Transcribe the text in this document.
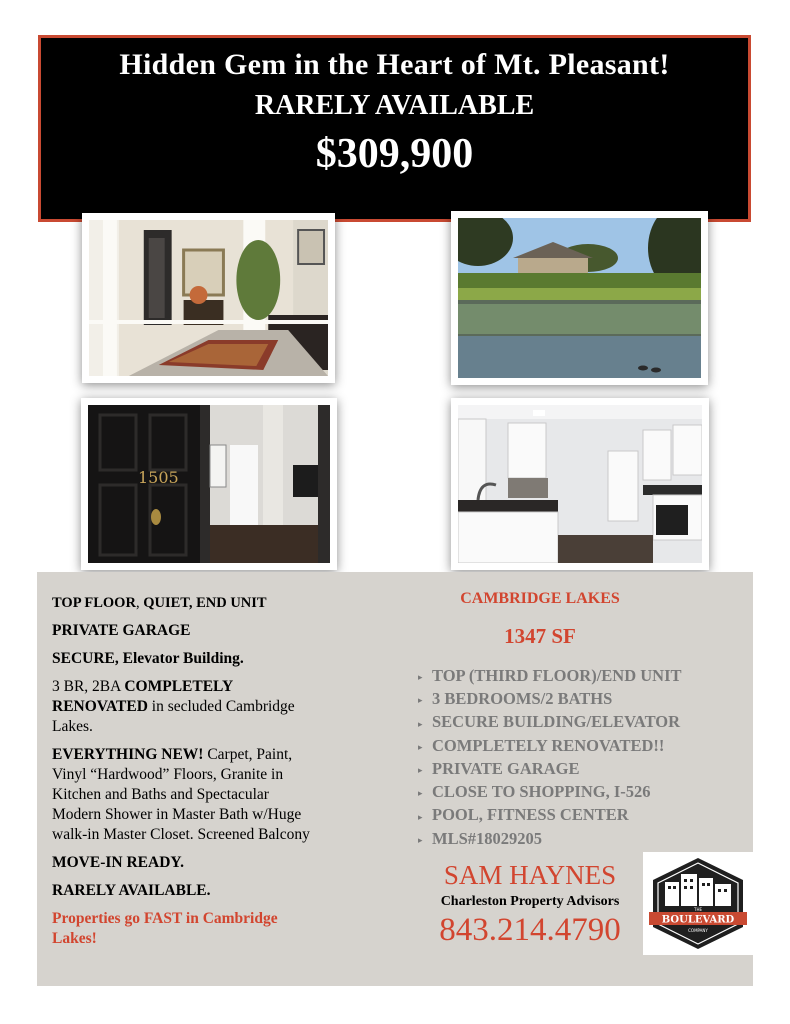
Hidden Gem in the Heart of Mt. Pleasant!
RARELY AVAILABLE
$309,900
1505

TOP FLOOR, QUIET, END UNIT

PRIVATE GARAGE

SECURE, Elevator Building.

3 BR, 2BA COMPLETELY RENOVATED in secluded Cambridge Lakes.

EVERYTHING NEW! Carpet, Paint, Vinyl “Hardwood” Floors, Granite in Kitchen and Baths and Spectacular Modern Shower in Master Bath w/Huge walk-in Master Closet. Screened Balcony

MOVE-IN READY.

RARELY AVAILABLE.

Properties go FAST in Cambridge Lakes!

CAMBRIDGE LAKES
1347 SF
▸ TOP (THIRD FLOOR)/END UNIT
▸ 3 BEDROOMS/2 BATHS
▸ SECURE BUILDING/ELEVATOR
▸ COMPLETELY RENOVATED!!
▸ PRIVATE GARAGE
▸ CLOSE TO SHOPPING, I-526
▸ POOL, FITNESS CENTER
▸ MLS#18029205
SAM HAYNES
Charleston Property Advisors
843.214.4790
THE
BOULEVARD
COMPANY
